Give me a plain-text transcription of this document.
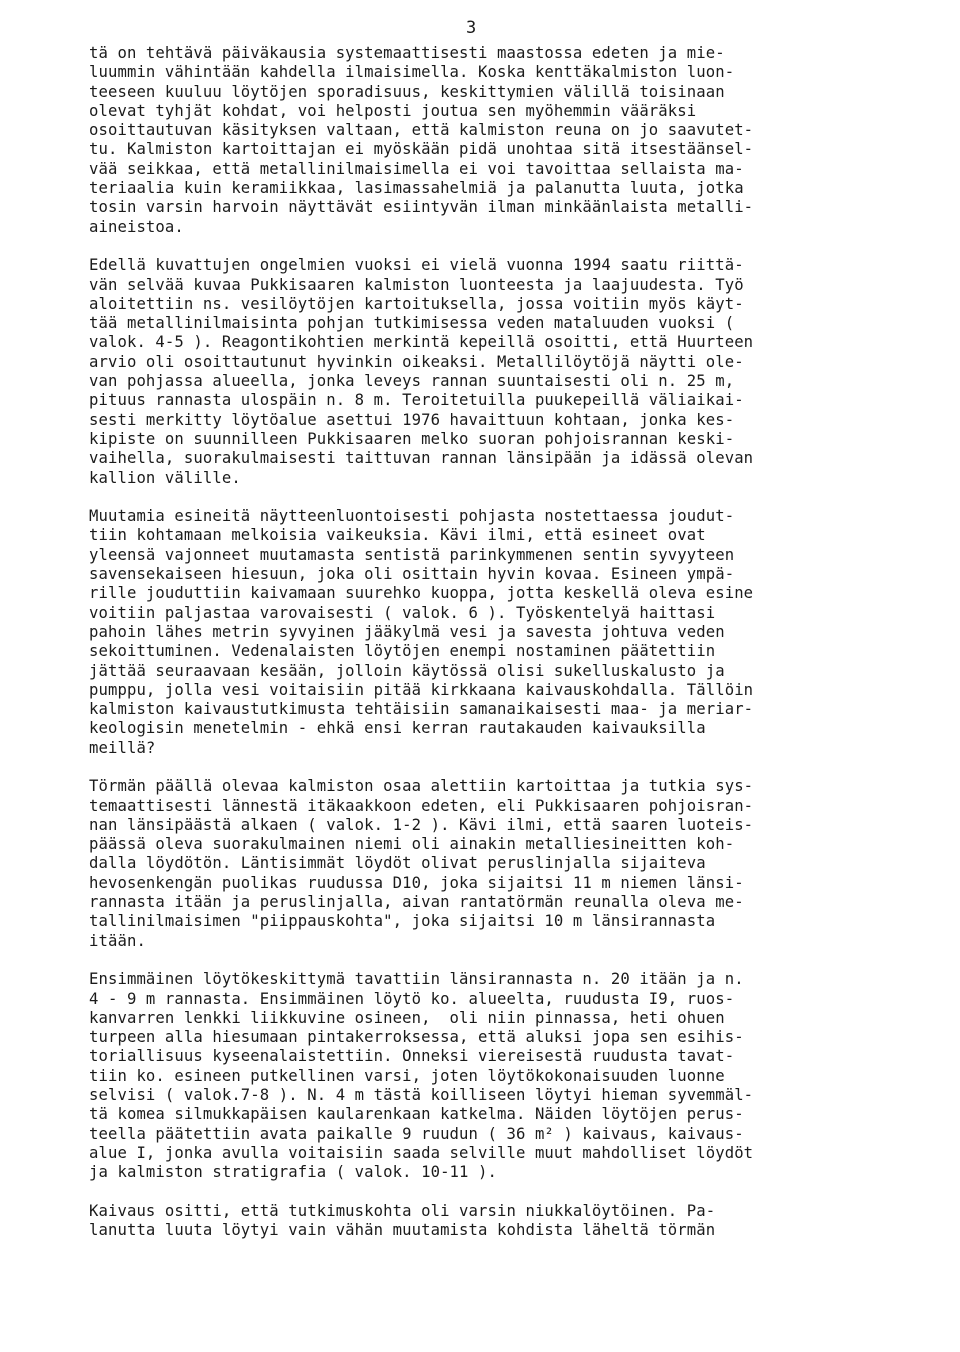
3

tä on tehtävä päiväkausia systemaattisesti maastossa edeten ja mie-
luummin vähintään kahdella ilmaisimella. Koska kenttäkalmiston luon-
teeseen kuuluu löytöjen sporadisuus, keskittymien välillä toisinaan
olevat tyhjät kohdat, voi helposti joutua sen myöhemmin vääräksi
osoittautuvan käsityksen valtaan, että kalmiston reuna on jo saavutet-
tu. Kalmiston kartoittajan ei myöskään pidä unohtaa sitä itsestäänsel-
vää seikkaa, että metallinilmaisimella ei voi tavoittaa sellaista ma-
teriaalia kuin keramiikkaa, lasimassahelmiä ja palanutta luuta, jotka
tosin varsin harvoin näyttävät esiintyvän ilman minkäänlaista metalli-
aineistoa.
Edellä kuvattujen ongelmien vuoksi ei vielä vuonna 1994 saatu riittä-
vän selvää kuvaa Pukkisaaren kalmiston luonteesta ja laajuudesta. Työ
aloitettiin ns. vesilöytöjen kartoituksella, jossa voitiin myös käyt-
tää metallinilmaisinta pohjan tutkimisessa veden mataluuden vuoksi (
valok. 4-5 ). Reagontikohtien merkintä kepeillä osoitti, että Huurteen
arvio oli osoittautunut hyvinkin oikeaksi. Metallilöytöjä näytti ole-
van pohjassa alueella, jonka leveys rannan suuntaisesti oli n. 25 m,
pituus rannasta ulospäin n. 8 m. Teroitetuilla puukepeillä väliaikai-
sesti merkitty löytöalue asettui 1976 havaittuun kohtaan, jonka kes-
kipiste on suunnilleen Pukkisaaren melko suoran pohjoisrannan keski-
vaihella, suorakulmaisesti taittuvan rannan länsipään ja idässä olevan
kallion välille.
Muutamia esineitä näytteenluontoisesti pohjasta nostettaessa joudut-
tiin kohtamaan melkoisia vaikeuksia. Kävi ilmi, että esineet ovat
yleensä vajonneet muutamasta sentistä parinkymmenen sentin syvyyteen
savensekaiseen hiesuun, joka oli osittain hyvin kovaa. Esineen ympä-
rille jouduttiin kaivamaan suurehko kuoppa, jotta keskellä oleva esine
voitiin paljastaa varovaisesti ( valok. 6 ). Työskentelyä haittasi
pahoin lähes metrin syvyinen jääkylmä vesi ja savesta johtuva veden
sekoittuminen. Vedenalaisten löytöjen enempi nostaminen päätettiin
jättää seuraavaan kesään, jolloin käytössä olisi sukelluskalusto ja
pumppu, jolla vesi voitaisiin pitää kirkkaana kaivauskohdalla. Tällöin
kalmiston kaivaustutkimusta tehtäisiin samanaikaisesti maa- ja meriar-
keologisin menetelmin - ehkä ensi kerran rautakauden kaivauksilla
meillä?
Törmän päällä olevaa kalmiston osaa alettiin kartoittaa ja tutkia sys-
temaattisesti lännestä itäkaakkoon edeten, eli Pukkisaaren pohjoisran-
nan länsipäästä alkaen ( valok. 1-2 ). Kävi ilmi, että saaren luoteis-
päässä oleva suorakulmainen niemi oli ainakin metalliesineitten koh-
dalla löydötön. Läntisimmät löydöt olivat peruslinjalla sijaiteva
hevosenkengän puolikas ruudussa D10, joka sijaitsi 11 m niemen länsi-
rannasta itään ja peruslinjalla, aivan rantatörmän reunalla oleva me-
tallinilmaisimen "piippauskohta", joka sijaitsi 10 m länsirannasta
itään.
Ensimmäinen löytökeskittymä tavattiin länsirannasta n. 20 itään ja n.
4 - 9 m rannasta. Ensimmäinen löytö ko. alueelta, ruudusta I9, ruos-
kanvarren lenkki liikkuvine osineen,  oli niin pinnassa, heti ohuen
turpeen alla hiesumaan pintakerroksessa, että aluksi jopa sen esihis-
toriallisuus kyseenalaistettiin. Onneksi viereisestä ruudusta tavat-
tiin ko. esineen putkellinen varsi, joten löytökokonaisuuden luonne
selvisi ( valok.7-8 ). N. 4 m tästä koilliseen löytyi hieman syvemmäl-
tä komea silmukkapäisen kaularenkaan katkelma. Näiden löytöjen perus-
teella päätettiin avata paikalle 9 ruudun ( 36 m² ) kaivaus, kaivaus-
alue I, jonka avulla voitaisiin saada selville muut mahdolliset löydöt
ja kalmiston stratigrafia ( valok. 10-11 ).
Kaivaus ositti, että tutkimuskohta oli varsin niukkalöytöinen. Pa-
lanutta luuta löytyi vain vähän muutamista kohdista läheltä törmän
